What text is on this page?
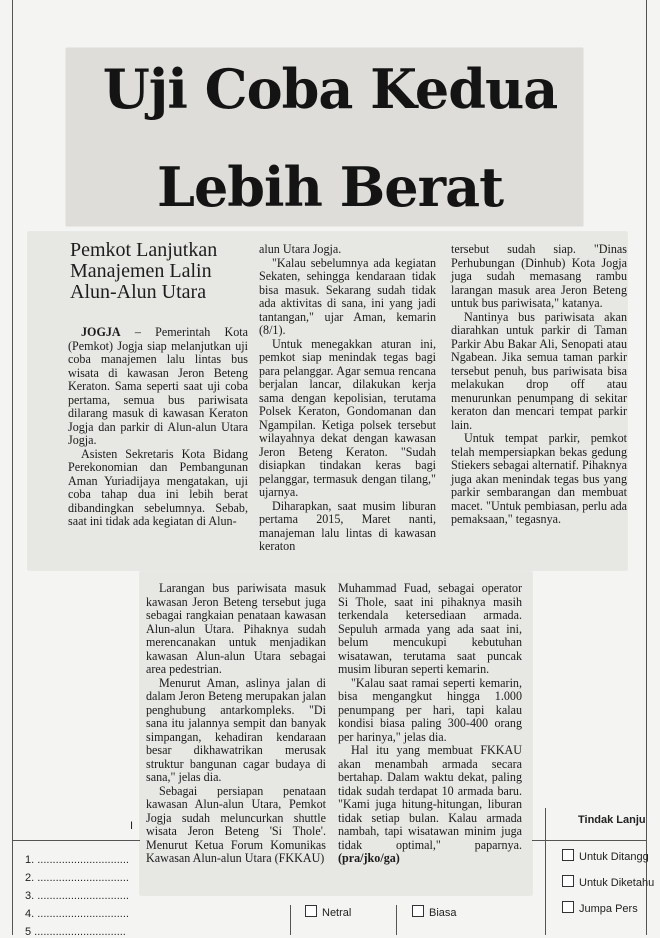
I	Tindak Lanju
1. ..............................
2. ..............................
3. ..............................
4. ..............................
5 ..............................
Netral	Biasa
Untuk Ditangg
Untuk Diketahu
Jumpa Pers
Uji Coba Kedua
Lebih Berat
Pemkot Lanjutkan
Manajemen Lalin
Alun-Alun Utara

JOGJA – Pemerintah Kota (Pemkot) Jogja siap melanjutkan uji coba manajemen lalu lintas bus wisata di kawasan Jeron Beteng Keraton. Sama seperti saat uji coba pertama, semua bus pariwisata dilarang masuk di kawasan Keraton Jogja dan parkir di Alun-alun Utara Jogja.

Asisten Sekretaris Kota Bidang Perekonomian dan Pembangunan Aman Yuriadijaya mengatakan, uji coba tahap dua ini lebih berat dibandingkan sebelumnya. Sebab, saat ini tidak ada kegiatan di Alun-

alun Utara Jogja.

"Kalau sebelumnya ada kegiatan Sekaten, sehingga kendaraan tidak bisa masuk. Sekarang sudah tidak ada aktivitas di sana, ini yang jadi tantangan," ujar Aman, kemarin (8/1).

Untuk menegakkan aturan ini, pemkot siap menindak tegas bagi para pelanggar. Agar semua rencana berjalan lancar, dilakukan kerja sama dengan kepolisian, terutama Polsek Keraton, Gondomanan dan Ngampilan. Ketiga polsek tersebut wilayahnya dekat dengan kawasan Jeron Beteng Keraton. "Sudah disiapkan tindakan keras bagi pelanggar, termasuk dengan tilang," ujarnya.

Diharapkan, saat musim liburan pertama 2015, Maret nanti, manajeman lalu lintas di kawasan keraton

tersebut sudah siap. "Dinas Perhubungan (Dinhub) Kota Jogja juga sudah memasang rambu larangan masuk area Jeron Beteng untuk bus pariwisata," katanya.

Nantinya bus pariwisata akan diarahkan untuk parkir di Taman Parkir Abu Bakar Ali, Senopati atau Ngabean. Jika semua taman parkir tersebut penuh, bus pariwisata bisa melakukan drop off atau menurunkan penumpang di sekitar keraton dan mencari tempat parkir lain.

Untuk tempat parkir, pemkot telah mempersiapkan bekas gedung Stiekers sebagai alternatif. Pihaknya juga akan menindak tegas bus yang parkir sembarangan dan membuat macet. "Untuk pembiasan, perlu ada pemaksaan," tegasnya.

Larangan bus pariwisata masuk kawasan Jeron Beteng tersebut juga sebagai rangkaian penataan kawasan Alun-alun Utara. Pihaknya sudah merencanakan untuk menjadikan kawasan Alun-alun Utara sebagai area pedestrian.

Menurut Aman, aslinya jalan di dalam Jeron Beteng merupakan jalan penghubung antarkompleks. "Di sana itu jalannya sempit dan banyak simpangan, kehadiran kendaraan besar dikhawatrikan merusak struktur bangunan cagar budaya di sana," jelas dia.

Sebagai persiapan penataan kawasan Alun-alun Utara, Pemkot Jogja sudah meluncurkan shuttle wisata Jeron Beteng 'Si Thole'. Menurut Ketua Forum Komunikas Kawasan Alun-alun Utara (FKKAU)

Muhammad Fuad, sebagai operator Si Thole, saat ini pihaknya masih terkendala ketersediaan armada. Sepuluh armada yang ada saat ini, belum mencukupi kebutuhan wisatawan, terutama saat puncak musim liburan seperti kemarin.

"Kalau saat ramai seperti kemarin, bisa mengangkut hingga 1.000 penumpang per hari, tapi kalau kondisi biasa paling 300-400 orang per harinya," jelas dia.

Hal itu yang membuat FKKAU akan menambah armada secara bertahap. Dalam waktu dekat, paling tidak sudah terdapat 10 armada baru. "Kami juga hitung-hitungan, liburan tidak setiap bulan. Kalau armada nambah, tapi wisatawan minim juga tidak optimal," paparnya. (pra/jko/ga)
